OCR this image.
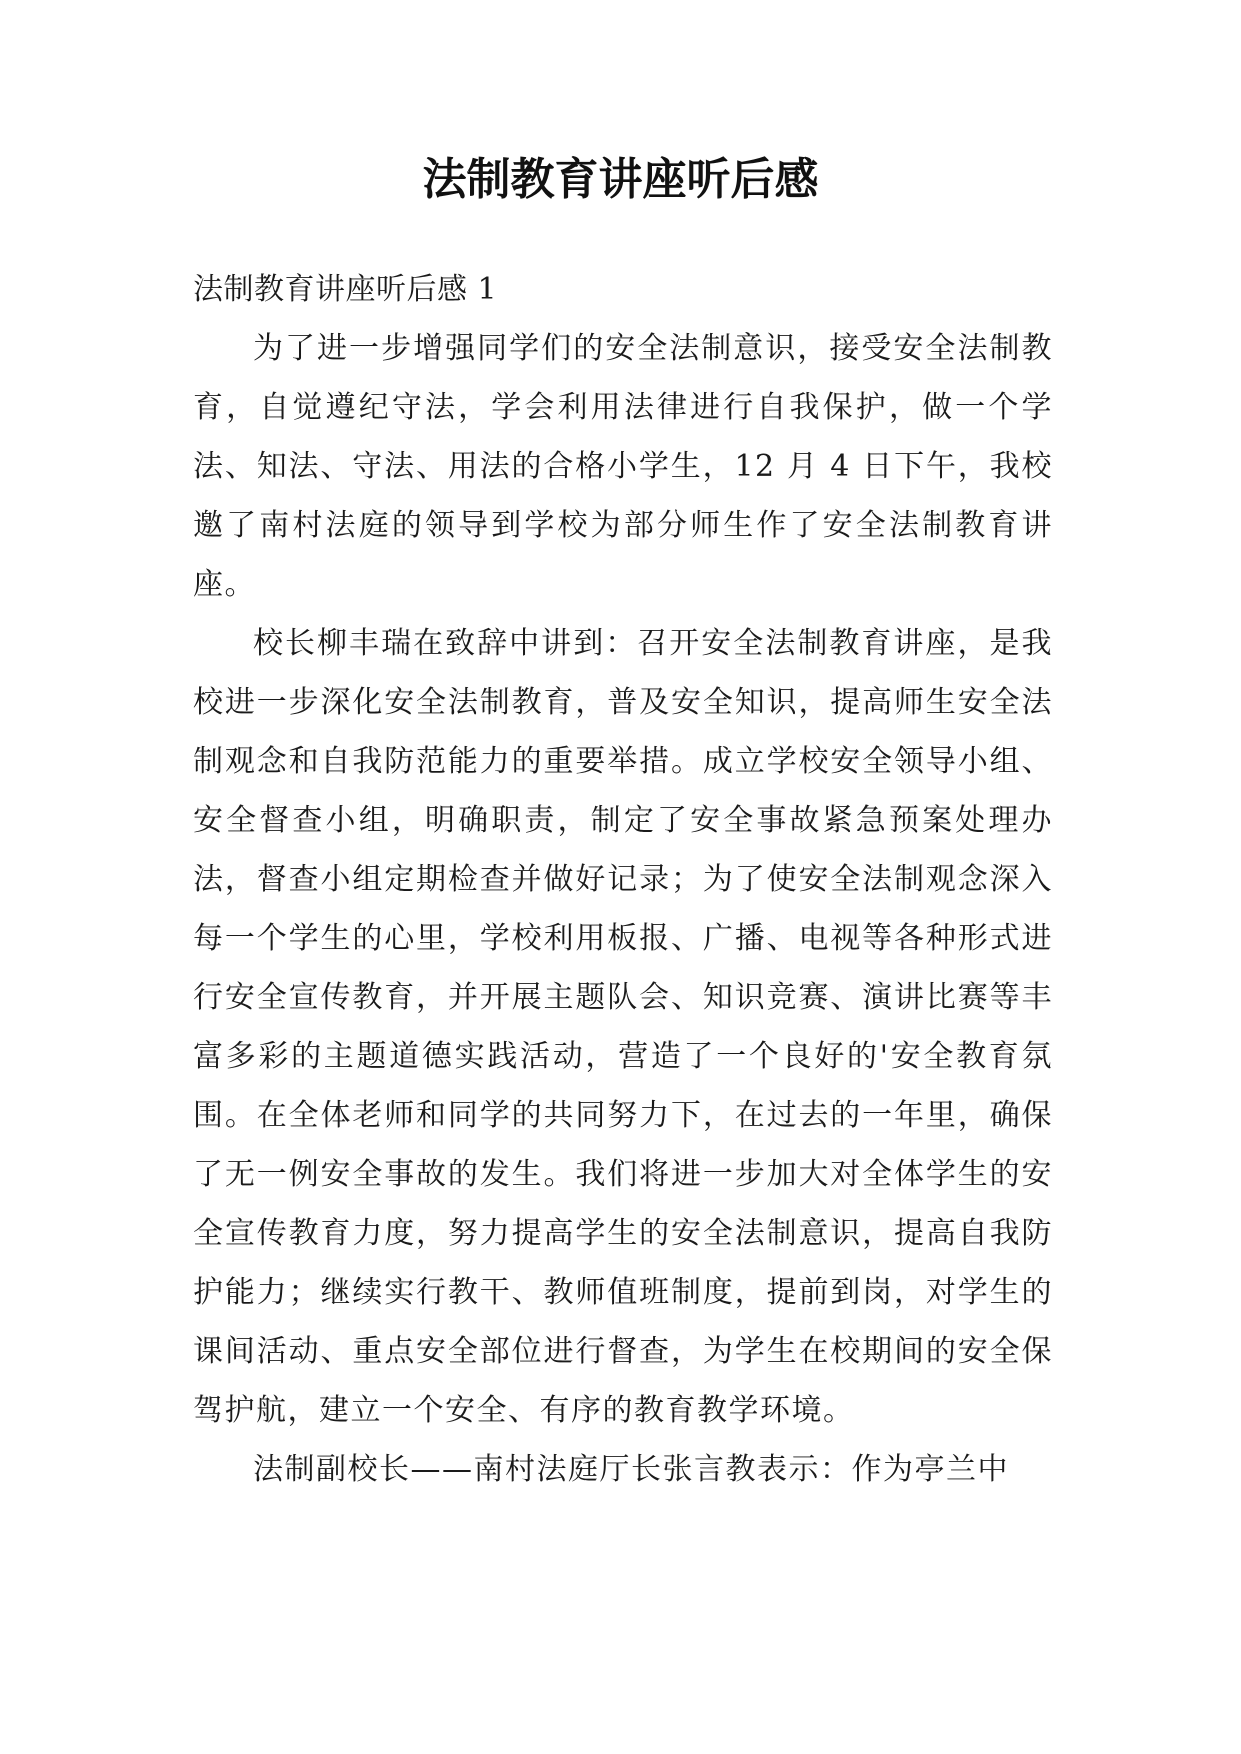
法制教育讲座听后感

法制教育讲座听后感 1

为了进一步增强同学们的安全法制意识，接受安全法制教育，自觉遵纪守法，学会利用法律进行自我保护，做一个学法、知法、守法、用法的合格小学生，12 月 4 日下午，我校邀了南村法庭的领导到学校为部分师生作了安全法制教育讲座。

校长柳丰瑞在致辞中讲到：召开安全法制教育讲座，是我校进一步深化安全法制教育，普及安全知识，提高师生安全法制观念和自我防范能力的重要举措。成立学校安全领导小组、安全督查小组，明确职责，制定了安全事故紧急预案处理办法，督查小组定期检查并做好记录；为了使安全法制观念深入每一个学生的心里，学校利用板报、广播、电视等各种形式进行安全宣传教育，并开展主题队会、知识竞赛、演讲比赛等丰富多彩的主题道德实践活动，营造了一个良好的'安全教育氛围。在全体老师和同学的共同努力下，在过去的一年里，确保了无一例安全事故的发生。我们将进一步加大对全体学生的安全宣传教育力度，努力提高学生的安全法制意识，提高自我防护能力；继续实行教干、教师值班制度，提前到岗，对学生的课间活动、重点安全部位进行督查，为学生在校期间的安全保驾护航，建立一个安全、有序的教育教学环境。

法制副校长——南村法庭厅长张言教表示：作为亭兰中
